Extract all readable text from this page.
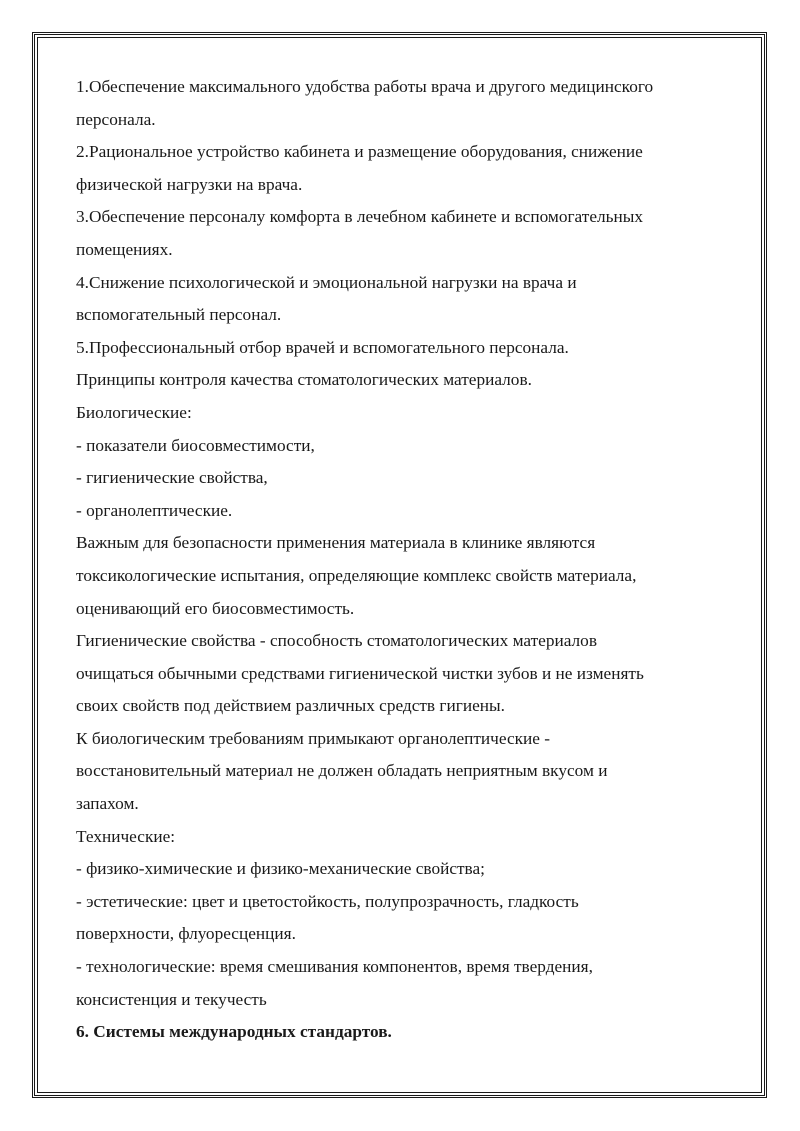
1.Обеспечение максимального удобства работы врача и другого медицинского
персонала.
2.Рациональное устройство кабинета и размещение оборудования, снижение
физической нагрузки на врача.
3.Обеспечение персоналу комфорта в лечебном кабинете и вспомогательных
помещениях.
4.Снижение психологической и эмоциональной нагрузки на врача и
вспомогательный персонал.
5.Профессиональный отбор врачей и вспомогательного персонала.
Принципы контроля качества стоматологических материалов.
Биологические:
- показатели биосовместимости,
- гигиенические свойства,
- органолептические.
Важным для безопасности применения материала в клинике являются
токсикологические испытания, определяющие комплекс свойств материала,
оценивающий его биосовместимость.
Гигиенические свойства - способность стоматологических материалов
очищаться обычными средствами гигиенической чистки зубов и не изменять
своих свойств под действием различных средств гигиены.
К биологическим требованиям примыкают органолептические -
восстановительный материал не должен обладать неприятным вкусом и
запахом.
Технические:
- физико-химические и физико-механические свойства;
- эстетические: цвет и цветостойкость, полупрозрачность, гладкость
поверхности, флуоресценция.
- технологические: время смешивания компонентов, время твердения,
консистенция и текучесть
6. Системы международных стандартов.
